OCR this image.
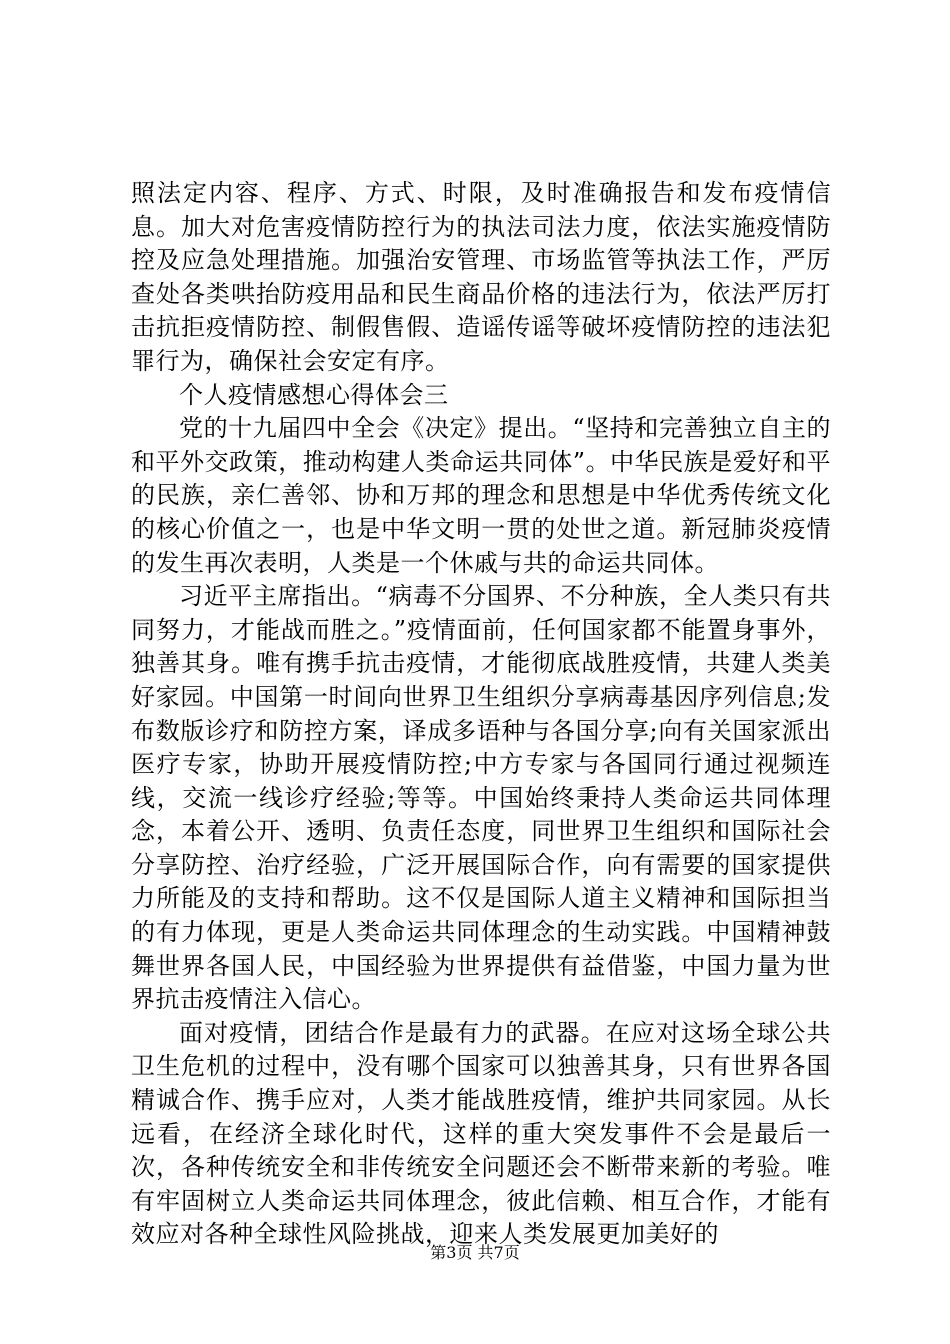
照法定内容、程序、方式、时限，及时准确报告和发布疫情信息。加大对危害疫情防控行为的执法司法力度，依法实施疫情防控及应急处理措施。加强治安管理、市场监管等执法工作，严厉查处各类哄抬防疫用品和民生商品价格的违法行为，依法严厉打击抗拒疫情防控、制假售假、造谣传谣等破坏疫情防控的违法犯罪行为，确保社会安定有序。

个人疫情感想心得体会三

党的十九届四中全会《决定》提出。“坚持和完善独立自主的和平外交政策，推动构建人类命运共同体”。中华民族是爱好和平的民族，亲仁善邻、协和万邦的理念和思想是中华优秀传统文化的核心价值之一，也是中华文明一贯的处世之道。新冠肺炎疫情的发生再次表明，人类是一个休戚与共的命运共同体。

习近平主席指出。“病毒不分国界、不分种族，全人类只有共同努力，才能战而胜之。”疫情面前，任何国家都不能置身事外，独善其身。唯有携手抗击疫情，才能彻底战胜疫情，共建人类美好家园。中国第一时间向世界卫生组织分享病毒基因序列信息;发布数版诊疗和防控方案，译成多语种与各国分享;向有关国家派出医疗专家，协助开展疫情防控;中方专家与各国同行通过视频连线，交流一线诊疗经验;等等。中国始终秉持人类命运共同体理念，本着公开、透明、负责任态度，同世界卫生组织和国际社会分享防控、治疗经验，广泛开展国际合作，向有需要的国家提供力所能及的支持和帮助。这不仅是国际人道主义精神和国际担当的有力体现，更是人类命运共同体理念的生动实践。中国精神鼓舞世界各国人民，中国经验为世界提供有益借鉴，中国力量为世界抗击疫情注入信心。

面对疫情，团结合作是最有力的武器。在应对这场全球公共卫生危机的过程中，没有哪个国家可以独善其身，只有世界各国精诚合作、携手应对，人类才能战胜疫情，维护共同家园。从长远看，在经济全球化时代，这样的重大突发事件不会是最后一次，各种传统安全和非传统安全问题还会不断带来新的考验。唯有牢固树立人类命运共同体理念，彼此信赖、相互合作，才能有效应对各种全球性风险挑战，迎来人类发展更加美好的

第3页 共7页
